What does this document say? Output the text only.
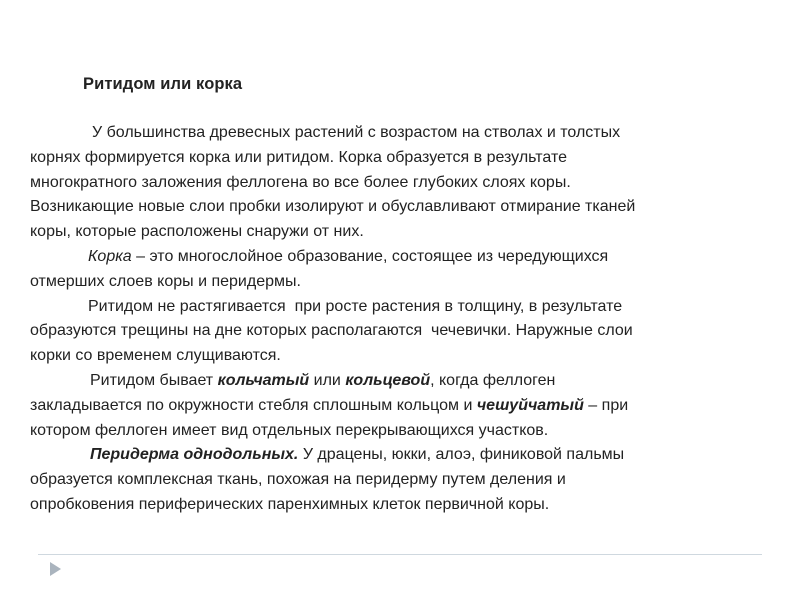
Ритидом или корка
У большинства древесных растений с возрастом на стволах и толстых
корнях формируется корка или ритидом. Корка образуется в результате
многократного заложения феллогена во все более глубоких слоях коры.
Возникающие новые слои пробки изолируют и обуславливают отмирание тканей
коры, которые расположены снаружи от них.
Корка – это многослойное образование, состоящее из чередующихся
отмерших слоев коры и перидермы.
Ритидом не растягивается  при росте растения в толщину, в результате
образуются трещины на дне которых располагаются  чечевички. Наружные слои
корки со временем слущиваются.
Ритидом бывает кольчатый или кольцевой, когда феллоген
закладывается по окружности стебля сплошным кольцом и чешуйчатый – при
котором феллоген имеет вид отдельных перекрывающихся участков.
Перидерма однодольных. У драцены, юкки, алоэ, финиковой пальмы
образуется комплексная ткань, похожая на перидерму путем деления и
опробковения периферических паренхимных клеток первичной коры.
